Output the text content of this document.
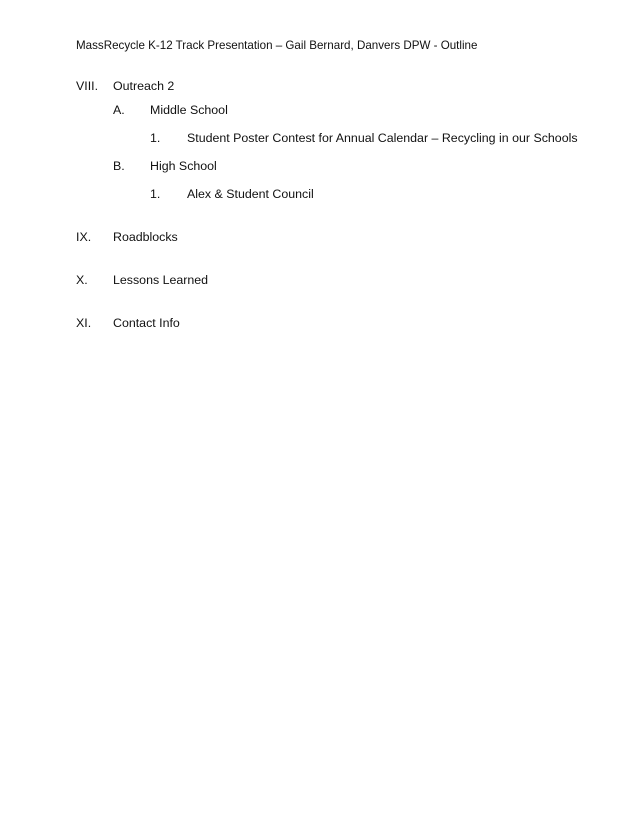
MassRecycle K-12 Track Presentation – Gail Bernard, Danvers DPW - Outline
VIII. Outreach 2
A. Middle School
1. Student Poster Contest for Annual Calendar – Recycling in our Schools
B. High School
1. Alex & Student Council
IX. Roadblocks
X. Lessons Learned
XI. Contact Info
